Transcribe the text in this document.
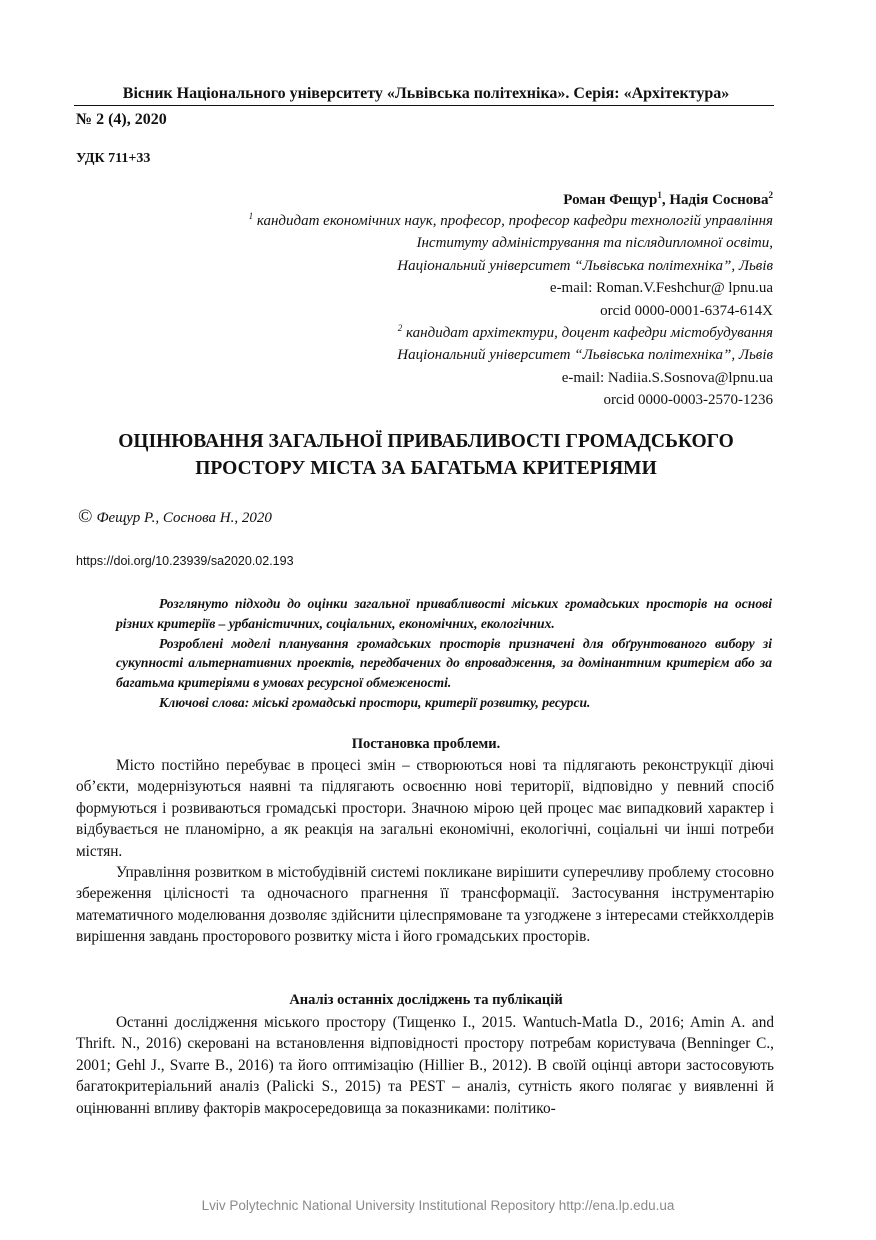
Вісник Національного університету «Львівська політехніка». Серія: «Архітектура»
№ 2 (4), 2020
УДК 711+33
Роман Фещур$^1$, Надія Соснова$^2$
$^1$ кандидат економічних наук, професор, професор кафедри технологій управління
Інституту адміністрування та післядипломної освіти,
Національний університет “Львівська політехніка”, Львів
e-mail: Roman.V.Feshchur@ lpnu.ua
orcid 0000-0001-6374-614X
$^2$ кандидат архітектури, доцент кафедри містобудування
Національний університет “Львівська політехніка”, Львів
e-mail: Nadiia.S.Sosnova@lpnu.ua
orcid 0000-0003-2570-1236
ОЦІНЮВАННЯ ЗАГАЛЬНОЇ ПРИВАБЛИВОСТІ ГРОМАДСЬКОГО
ПРОСТОРУ МІСТА ЗА БАГАТЬМА КРИТЕРІЯМИ
© Фещур Р., Соснова Н., 2020
https://doi.org/10.23939/sa2020.02.193

Розглянуто підходи до оцінки загальної привабливості міських громадських просторів на основі різних критеріїв – урбаністичних, соціальних, економічних, екологічних.

Розроблені моделі планування громадських просторів призначені для обґрунтованого вибору зі сукупності альтернативних проектів, передбачених до впровадження, за домінантним критерієм або за багатьма критеріями в умовах ресурсної обмеженості.

Ключові слова: міські громадські простори, критерії розвитку, ресурси.

Постановка проблеми.

Місто постійно перебуває в процесі змін – створюються нові та підлягають реконструкції діючі об’єкти, модернізуються наявні та підлягають освоєнню нові території, відповідно у певний спосіб формуються і розвиваються громадські простори. Значною мірою цей процес має випадковий характер і відбувається не планомірно, а як реакція на загальні економічні, екологічні, соціальні чи інші потреби містян.

Управління розвитком в містобудівній системі покликане вирішити суперечливу проблему стосовно збереження цілісності та одночасного прагнення її трансформації. Застосування інструментарію математичного моделювання дозволяє здійснити цілеспрямоване та узгоджене з інтересами стейкхолдерів вирішення завдань просторового розвитку міста і його громадських просторів.

Аналіз останніх досліджень та публікацій

Останні дослідження міського простору (Тищенко І., 2015. Wantuch-Matla D., 2016; Amin A. and Thrift. N., 2016) скеровані на встановлення відповідності простору потребам користувача (Benninger C., 2001; Gehl J., Svarre B., 2016) та його оптимізацію (Hillier B., 2012). В своїй оцінці автори застосовують багатокритеріальний аналіз (Palicki S., 2015) та PEST – аналіз, сутність якого полягає у виявленні й оцінюванні впливу факторів макросередовища за показниками: політико-

Lviv Polytechnic National University Institutional Repository http://ena.lp.edu.ua
